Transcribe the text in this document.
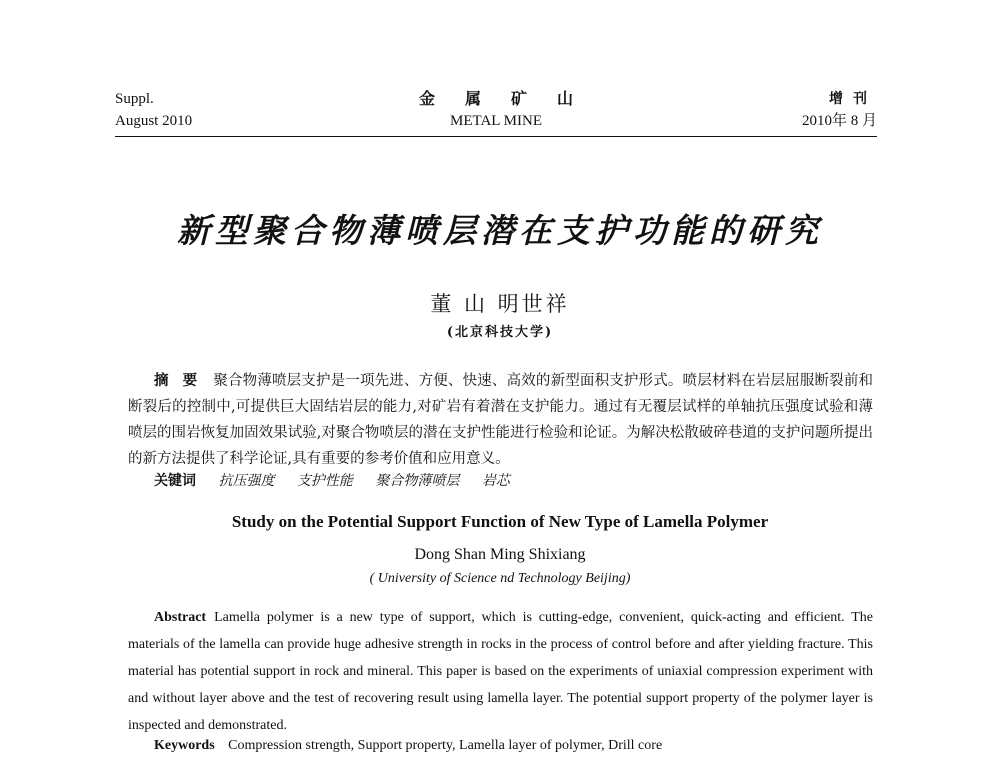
Suppl.
August 2010
金属矿山
METAL MINE
增刊
2010年 8 月
新型聚合物薄喷层潜在支护功能的研究
董 山 明世祥
(北京科技大学)
摘要 聚合物薄喷层支护是一项先进、方便、快速、高效的新型面积支护形式。喷层材料在岩层屈服断裂前和断裂后的控制中,可提供巨大固结岩层的能力,对矿岩有着潜在支护能力。通过有无覆层试样的单轴抗压强度试验和薄喷层的围岩恢复加固效果试验,对聚合物喷层的潜在支护性能进行检验和论证。为解决松散破碎巷道的支护问题所提出的新方法提供了科学论证,具有重要的参考价值和应用意义。
关键词 抗压强度 支护性能 聚合物薄喷层 岩芯
Study on the Potential Support Function of New Type of Lamella Polymer
Dong Shan Ming Shixiang
( University of Science nd Technology Beijing)
Abstract Lamella polymer is a new type of support, which is cutting-edge, convenient, quick-acting and efficient. The materials of the lamella can provide huge adhesive strength in rocks in the process of control before and after yielding fracture. This material has potential support in rock and mineral. This paper is based on the experiments of uniaxial compression experiment with and without layer above and the test of recovering result using lamella layer. The potential support property of the polymer layer is inspected and demonstrated.
Keywords Compression strength, Support property, Lamella layer of polymer, Drill core
